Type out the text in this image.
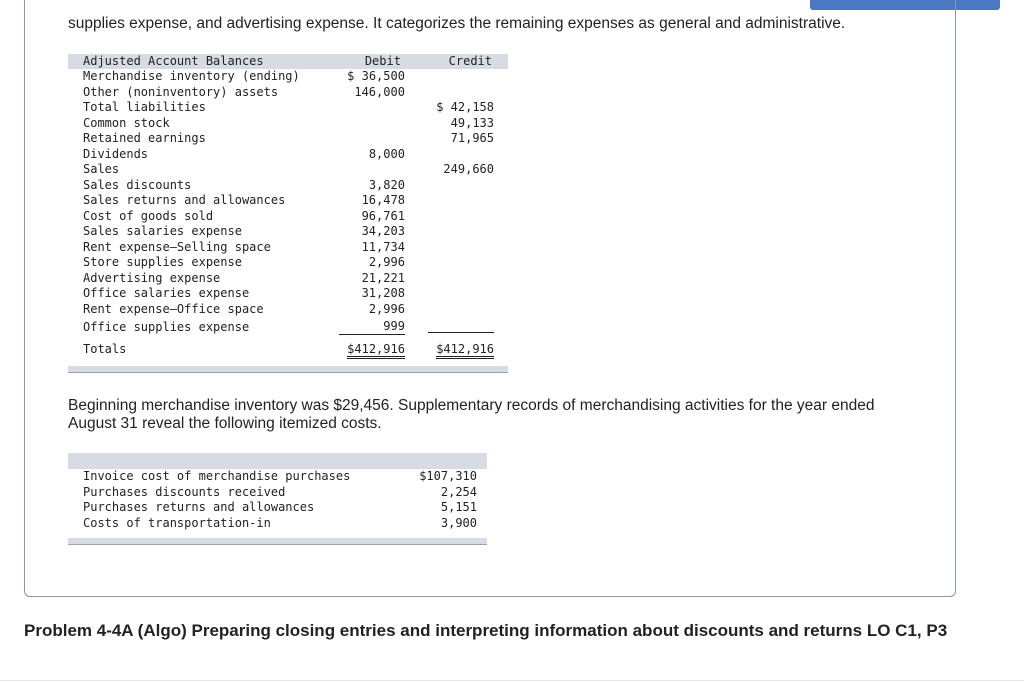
supplies expense, and advertising expense. It categorizes the remaining expenses as general and administrative.
Adjusted Account Balances	Debit	Credit
Merchandise inventory (ending)	$ 36,500	
Other (noninventory) assets	146,000	
Total liabilities		$ 42,158
Common stock		49,133
Retained earnings		71,965
Dividends	8,000	
Sales		249,660
Sales discounts	3,820	
Sales returns and allowances	16,478	
Cost of goods sold	96,761	
Sales salaries expense	34,203	
Rent expense—Selling space	11,734	
Store supplies expense	2,996	
Advertising expense	21,221	
Office salaries expense	31,208	
Rent expense—Office space	2,996	
Office supplies expense	999	
Totals	$412,916	$412,916
Beginning merchandise inventory was $29,456. Supplementary records of merchandising activities for the year ended August 31 reveal the following itemized costs.

Invoice cost of merchandise purchases	$107,310
Purchases discounts received	2,254
Purchases returns and allowances	5,151
Costs of transportation-in	3,900
Problem 4-4A (Algo) Preparing closing entries and interpreting information about discounts and returns LO C1, P3
